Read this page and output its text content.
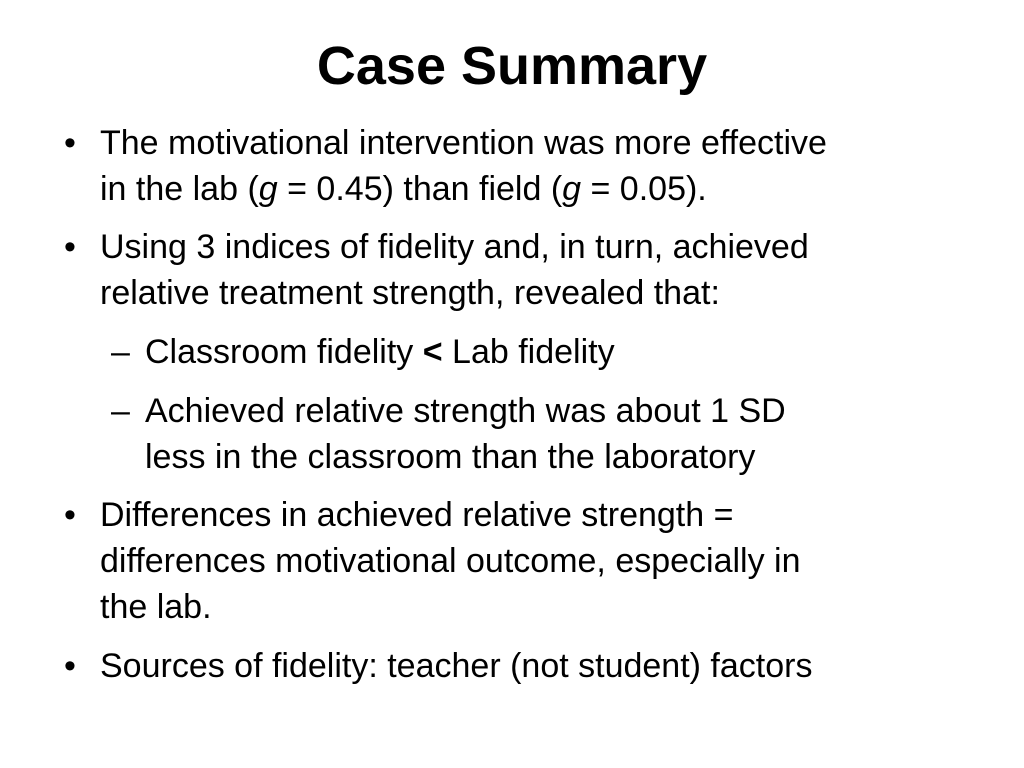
Case Summary
• The motivational intervention was more effective
in the lab (g = 0.45) than field (g = 0.05).
• Using 3 indices of fidelity and, in turn, achieved
relative treatment strength, revealed that:
– Classroom fidelity < Lab fidelity
– Achieved relative strength was about 1 SD
less in the classroom than the laboratory
• Differences in achieved relative strength =
differences motivational outcome, especially in
the lab.
• Sources of fidelity: teacher (not student) factors
